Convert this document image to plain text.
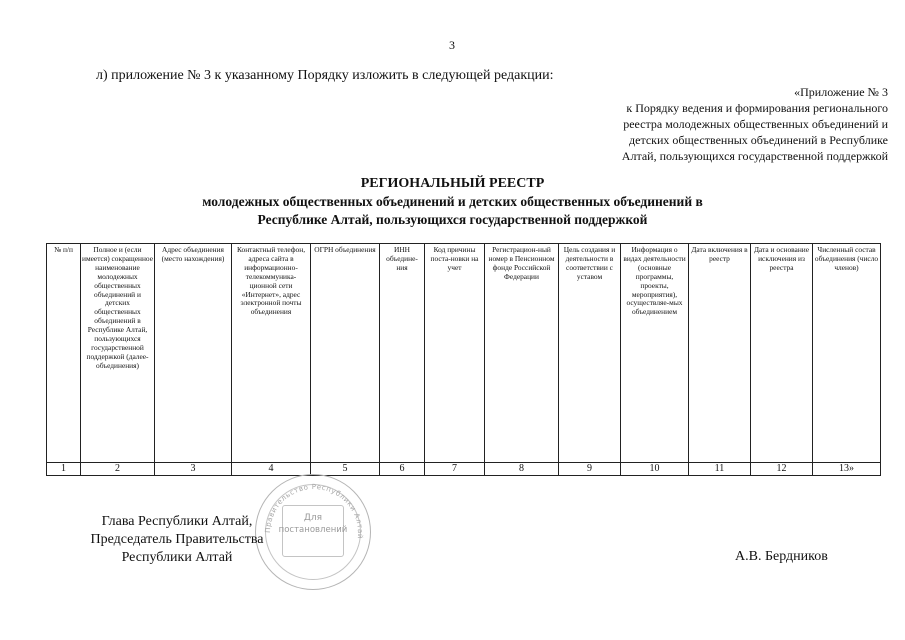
3
л) приложение № 3 к указанному Порядку изложить в следующей редакции:
«Приложение № 3
к Порядку ведения и формирования регионального
реестра молодежных общественных объединений и
детских общественных объединений в Республике
Алтай, пользующихся государственной поддержкой
РЕГИОНАЛЬНЫЙ РЕЕСТР
молодежных общественных объединений и детских общественных объединений в
Республике Алтай, пользующихся государственной поддержкой
№ п/п	Полное и (если имеется) сокращенное наименование молодежных общественных объединений и детских общественных объединений в Республике Алтай, пользующихся государственной поддержкой (далее-объединения)	Адрес объединения (место нахождения)	Контактный телефон, адреса сайта в информационно-телекоммуника-ционной сети «Интернет», адрес электронной почты объединения	ОГРН объединения	ИНН объедине-ния	Код причины поста-новки на учет	Регистрацион-ный номер в Пенсионном фонде Российской Федерации	Цель создания и деятельности в соответствии с уставом	Информация о видах деятельности (основные программы, проекты, мероприятия), осуществляе-мых объединением	Дата включения в реестр	Дата и основание исключения из реестра	Численный состав объединения (число членов)
1	2	3	4	5	6	7	8	9	10	11	12	13»
Правительство Республики Алтай
Для
постановлений
Глава Республики Алтай,
Председатель Правительства
Республики Алтай	А.В. Бердников
